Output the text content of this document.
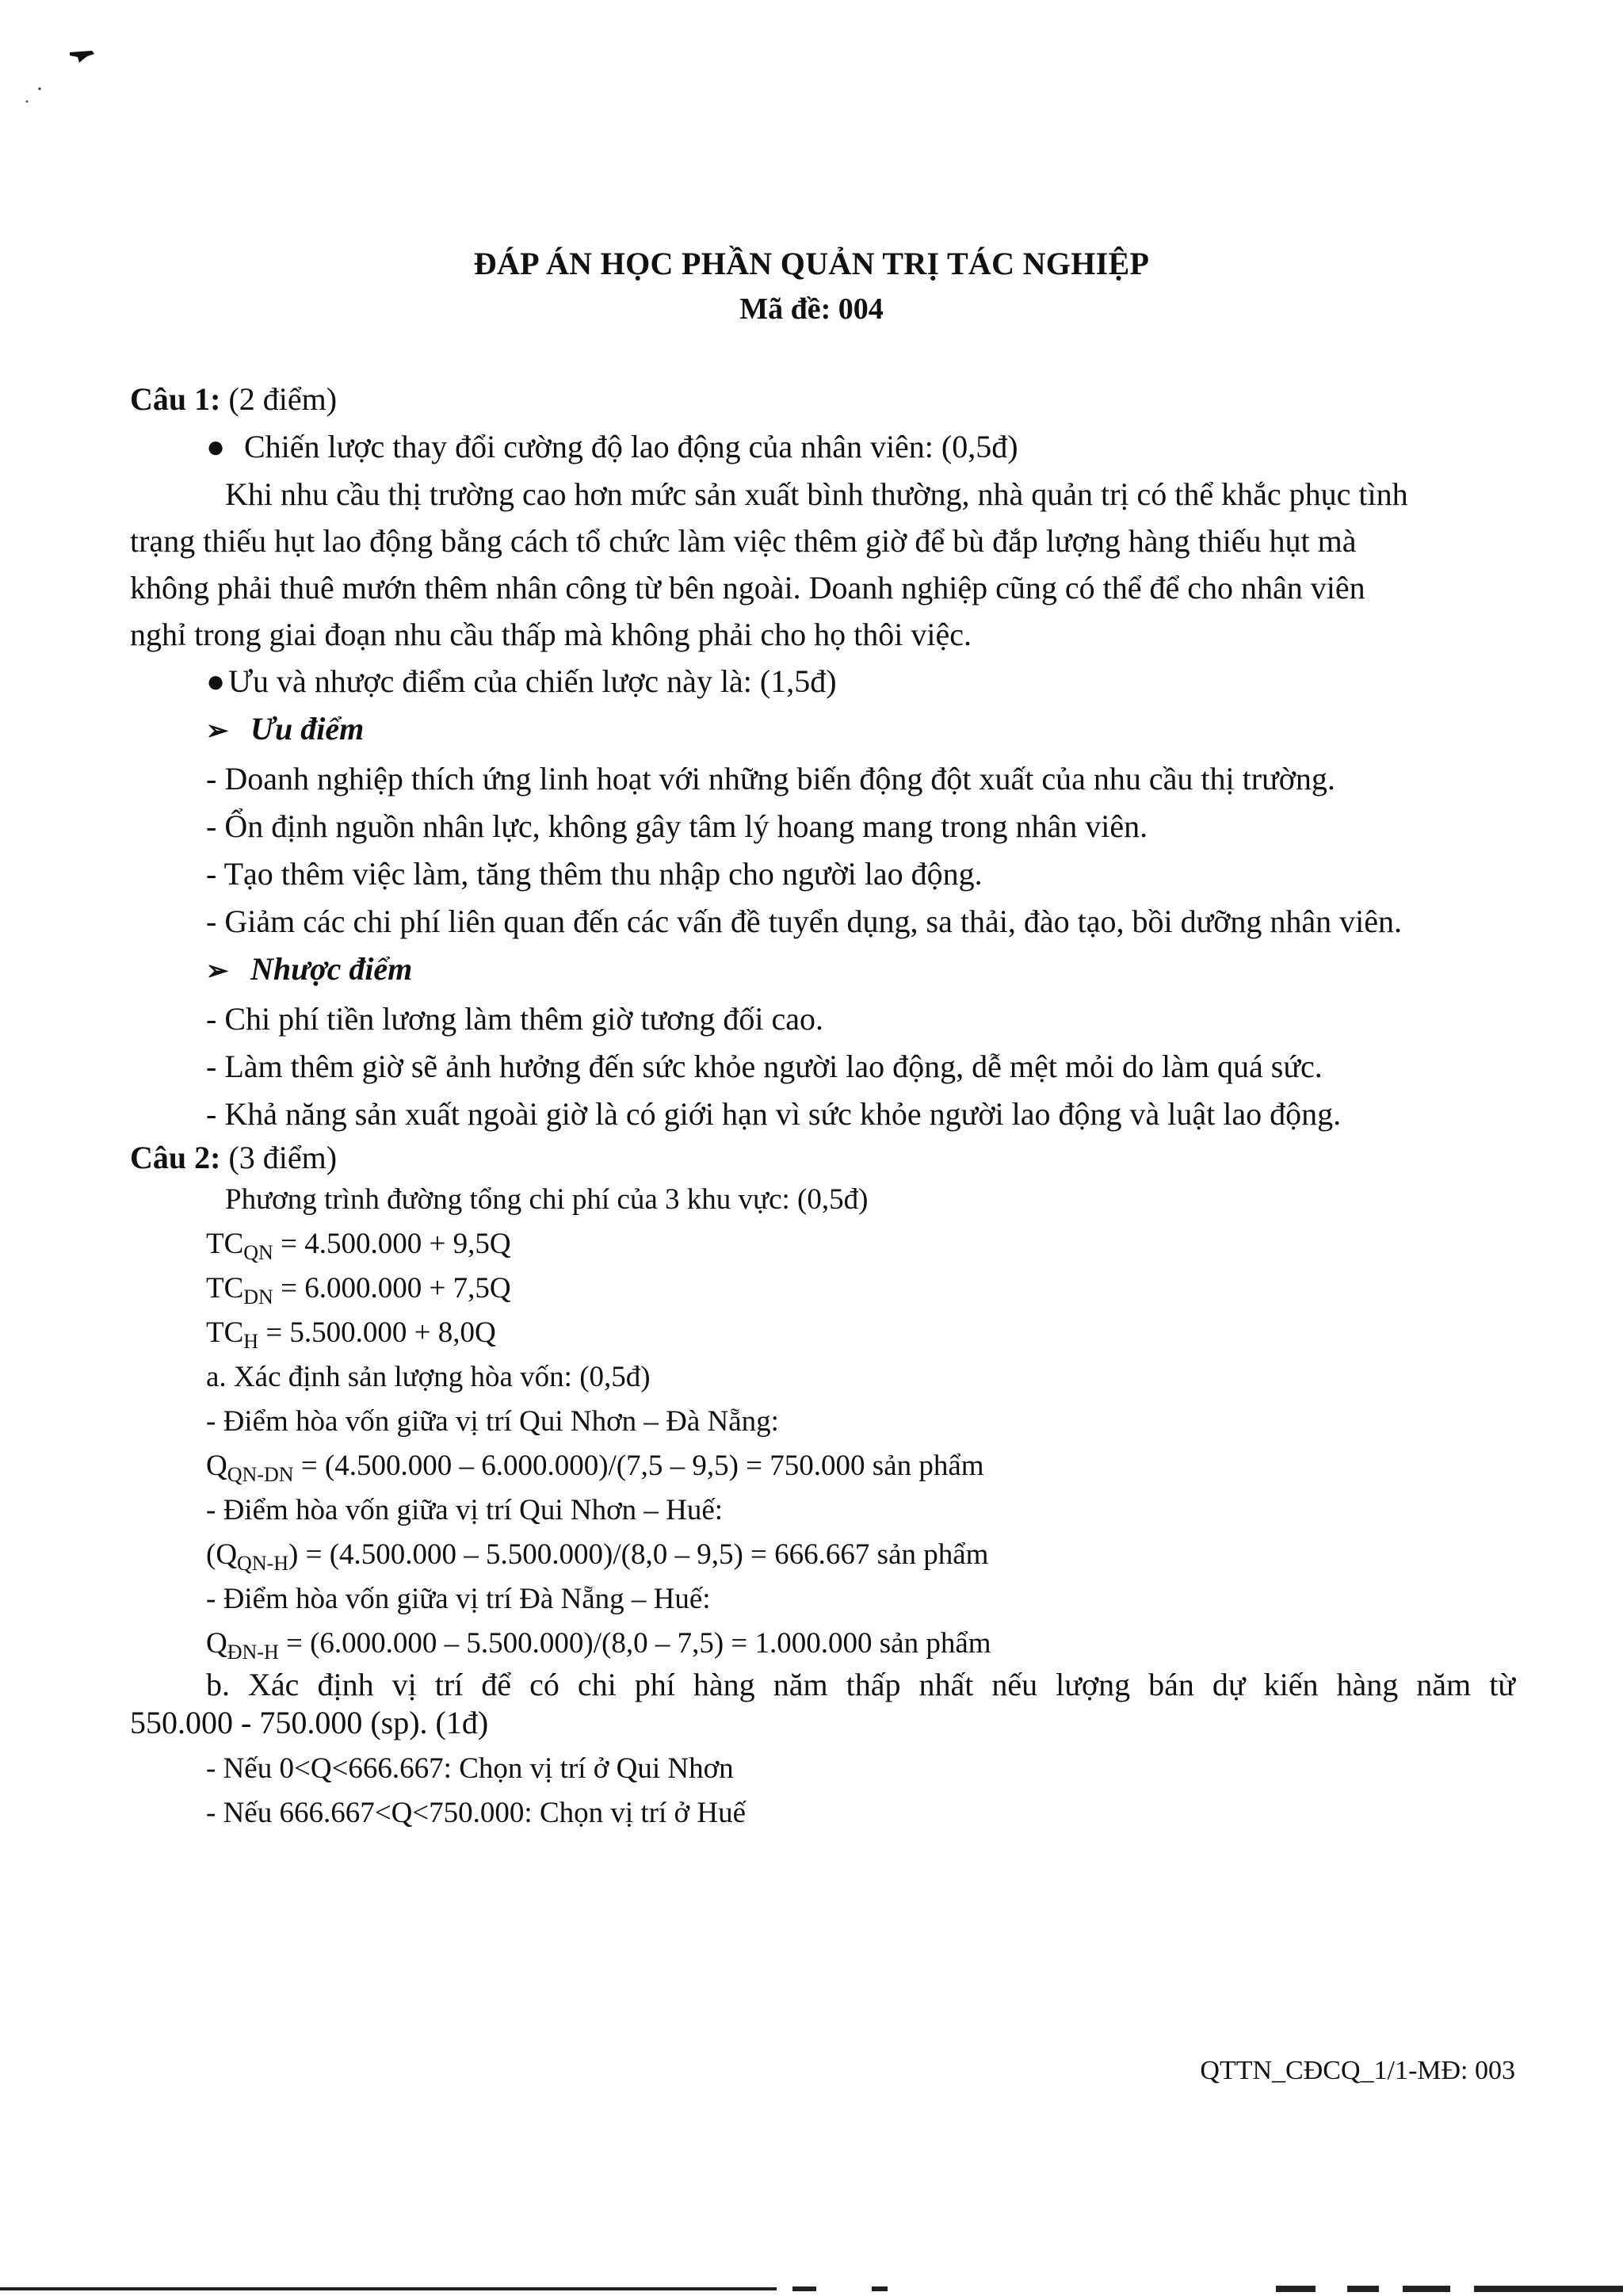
ĐÁP ÁN HỌC PHẦN QUẢN TRỊ TÁC NGHIỆP
Mã đề: 004
Câu 1: (2 điểm)
● Chiến lược thay đổi cường độ lao động của nhân viên: (0,5đ)
Khi nhu cầu thị trường cao hơn mức sản xuất bình thường, nhà quản trị có thể khắc phục tình
trạng thiếu hụt lao động bằng cách tổ chức làm việc thêm giờ để bù đắp lượng hàng thiếu hụt mà
không phải thuê mướn thêm nhân công từ bên ngoài. Doanh nghiệp cũng có thể để cho nhân viên
nghỉ trong giai đoạn nhu cầu thấp mà không phải cho họ thôi việc.
●Ưu và nhược điểm của chiến lược này là: (1,5đ)
➢ Ưu điểm
- Doanh nghiệp thích ứng linh hoạt với những biến động đột xuất của nhu cầu thị trường.
- Ổn định nguồn nhân lực, không gây tâm lý hoang mang trong nhân viên.
- Tạo thêm việc làm, tăng thêm thu nhập cho người lao động.
- Giảm các chi phí liên quan đến các vấn đề tuyển dụng, sa thải, đào tạo, bồi dưỡng nhân viên.
➢ Nhược điểm
- Chi phí tiền lương làm thêm giờ tương đối cao.
- Làm thêm giờ sẽ ảnh hưởng đến sức khỏe người lao động, dễ mệt mỏi do làm quá sức.
- Khả năng sản xuất ngoài giờ là có giới hạn vì sức khỏe người lao động và luật lao động.
Câu 2: (3 điểm)
Phương trình đường tổng chi phí của 3 khu vực: (0,5đ)
$TC_{QN} = 4.500.000 + 9,5Q$
$TC_{DN} = 6.000.000 + 7,5Q$
$TC_H = 5.500.000 + 8,0Q$
a. Xác định sản lượng hòa vốn: (0,5đ)
- Điểm hòa vốn giữa vị trí Qui Nhơn – Đà Nẵng:
$Q_{QN-DN} = (4.500.000 - 6.000.000)/(7,5 - 9,5) = 750.000$ sản phẩm
- Điểm hòa vốn giữa vị trí Qui Nhơn – Huế:
$(Q_{QN-H}) = (4.500.000 - 5.500.000)/(8,0 - 9,5) = 666.667$ sản phẩm
- Điểm hòa vốn giữa vị trí Đà Nẵng – Huế:
$Q_{ĐN-H} = (6.000.000 - 5.500.000)/(8,0 - 7,5) = 1.000.000$ sản phẩm
b. Xác định vị trí để có chi phí hàng năm thấp nhất nếu lượng bán dự kiến hàng năm từ
550.000 - 750.000 (sp). (1đ)
- Nếu 0<Q<666.667: Chọn vị trí ở Qui Nhơn
- Nếu 666.667<Q<750.000: Chọn vị trí ở Huế
QTTN_CĐCQ_1/1-MĐ: 003
